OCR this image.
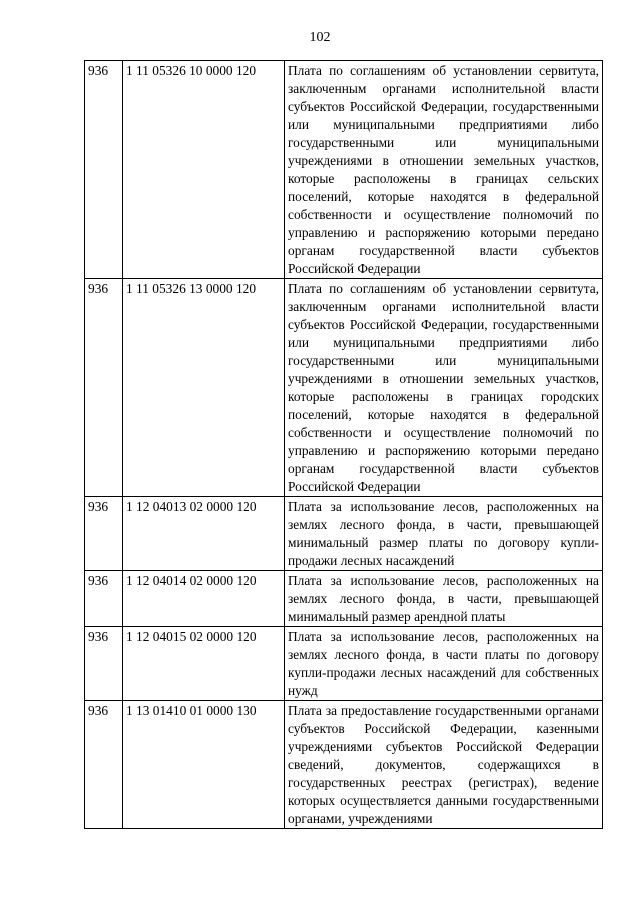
102
936	1 11 05326 10 0000 120	Плата по соглашениям об установлении сервитута, заключенным органами исполнительной власти субъектов Российской Федерации, государственными или муниципальными предприятиями либо государственными или муниципальными учреждениями в отношении земельных участков, которые расположены в границах сельских поселений, которые находятся в федеральной собственности и осуществление полномочий по управлению и распоряжению которыми передано органам государственной власти субъектов Российской Федерации
936	1 11 05326 13 0000 120	Плата по соглашениям об установлении сервитута, заключенным органами исполнительной власти субъектов Российской Федерации, государственными или муниципальными предприятиями либо государственными или муниципальными учреждениями в отношении земельных участков, которые расположены в границах городских поселений, которые находятся в федеральной собственности и осуществление полномочий по управлению и распоряжению которыми передано органам государственной власти субъектов Российской Федерации
936	1 12 04013 02 0000 120	Плата за использование лесов, расположенных на землях лесного фонда, в части, превышающей минимальный размер платы по договору купли-продажи лесных насаждений
936	1 12 04014 02 0000 120	Плата за использование лесов, расположенных на землях лесного фонда, в части, превышающей минимальный размер арендной платы
936	1 12 04015 02 0000 120	Плата за использование лесов, расположенных на землях лесного фонда, в части платы по договору купли-продажи лесных насаждений для собственных нужд
936	1 13 01410 01 0000 130	Плата за предоставление государственными органами субъектов Российской Федерации, казенными учреждениями субъектов Российской Федерации сведений, документов, содержащихся в государственных реестрах (регистрах), ведение которых осуществляется данными государственными органами, учреждениями
